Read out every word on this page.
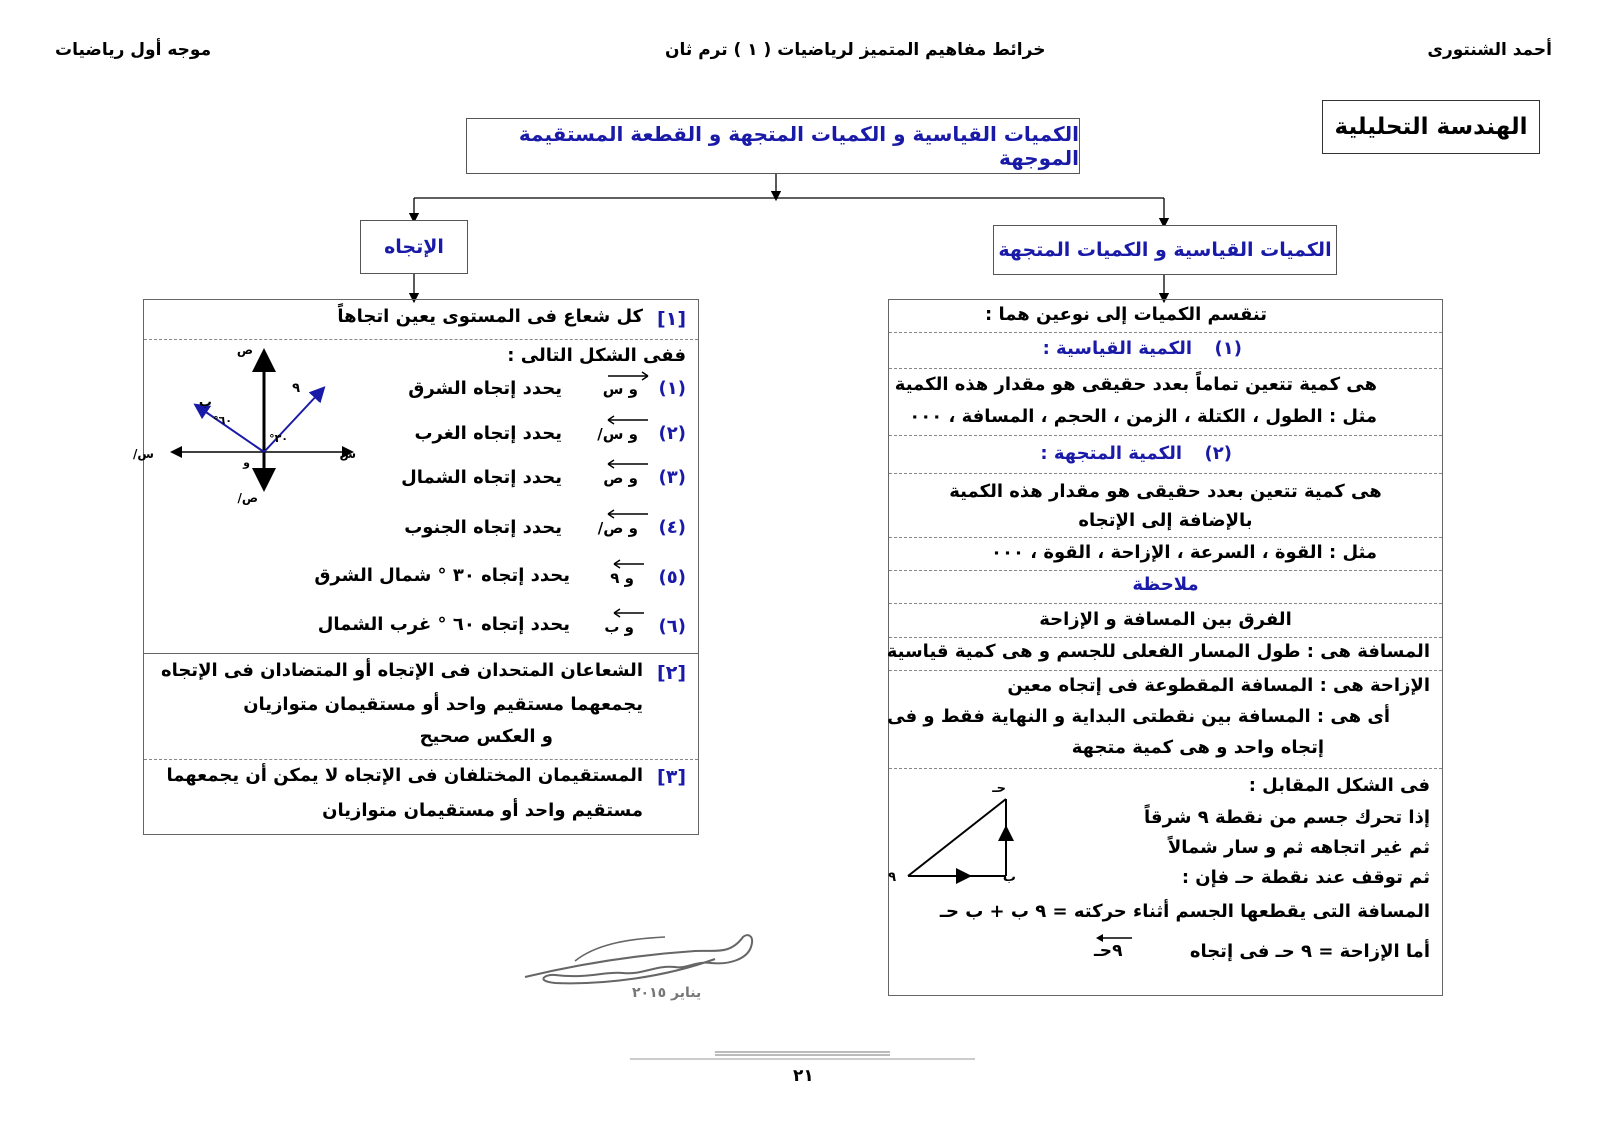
أحمد الشنتورى
خرائط مفاهيم المتميز لرياضيات ( ١ ) ترم ثان
موجه أول رياضيات
الهندسة التحليلية
الكميات القياسية و الكميات المتجهة و القطعة المستقيمة الموجهة
الإتجاه	الكميات القياسية و الكميات المتجهة
تنقسم الكميات إلى نوعين هما :
(١)
الكمية القياسية :
هى كمية تتعين تماماً بعدد حقيقى هو مقدار هذه الكمية
مثل : الطول ، الكتلة ، الزمن ، الحجم ، المسافة ، ٠٠٠
(٢)
الكمية المتجهة :
هى كمية تتعين بعدد حقيقى هو مقدار هذه الكمية
بالإضافة إلى الإتجاه
مثل : القوة ، السرعة ، الإزاحة ، القوة ، ٠٠٠
ملاحظة
الفرق بين المسافة و الإزاحة
المسافة هى : طول المسار الفعلى للجسم و هى كمية قياسية
الإزاحة هى : المسافة المقطوعة فى إتجاه معين
أى هى : المسافة بين نقطتى البداية و النهاية فقط و فى
إتجاه واحد و هى كمية متجهة
فى الشكل المقابل :
إذا تحرك جسم من نقطة ٩ شرقاً
ثم غير اتجاهه ثم و سار شمالاً
ثم توقف عند نقطة حـ فإن :
المسافة التى يقطعها الجسم أثناء حركته = ٩ ب + ب حـ
أما الإزاحة = ٩ حـ فى إتجاه
٩حـ
٩	ب
حـ
[١]
كل شعاع فى المستوى يعين اتجاهاً
ففى الشكل التالى :
ص
ص/
س
س/
و
٩
ب
٣٠°
٦٠°
(١)
يحدد إتجاه الشرق	و س
(٢)
يحدد إتجاه الغرب و س/
(٣)
يحدد إتجاه الشمال	و ص
(٤)
يحدد إتجاه الجنوب و ص/
(٥)
يحدد إتجاه ٣٠ ° شمال الشرق	و ٩
(٦)
يحدد إتجاه ٦٠ ° غرب الشمال و ب
[٢]
الشعاعان المتحدان فى الإتجاه أو المتضادان فى الإتجاه
يجمعهما مستقيم واحد أو مستقيمان متوازيان
و العكس صحيح
[٣]
المستقيمان المختلفان فى الإتجاه لا يمكن أن يجمعهما
مستقيم واحد أو مستقيمان متوازيان
يناير ٢٠١٥
٢١
